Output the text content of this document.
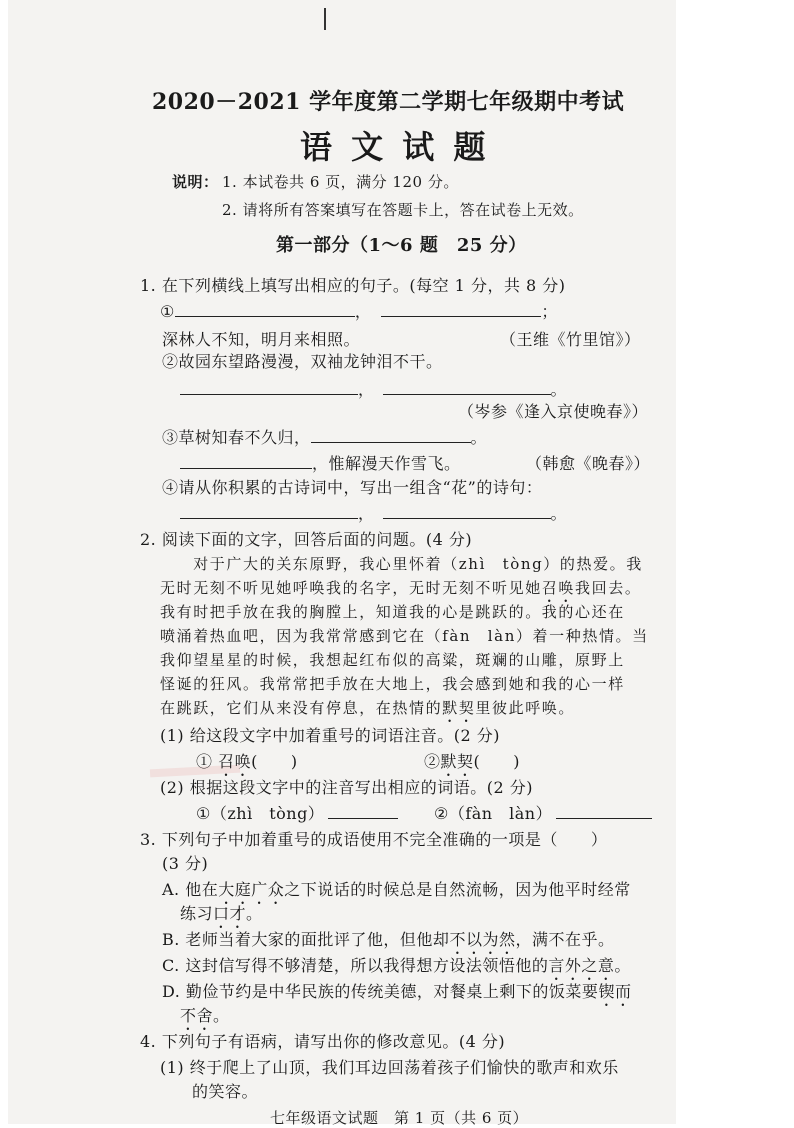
2020－2021 学年度第二学期七年级期中考试
语 文 试 题
说明： 1. 本试卷共 6 页，满分 120 分。
2. 请将所有答案填写在答题卡上，答在试卷上无效。
第一部分（1～6 题　25 分）
1. 在下列横线上填写出相应的句子。(每空 1 分，共 8 分)
①	，	；
深林人不知，明月来相照。	（王维《竹里馆》）
②故园东望路漫漫，双袖龙钟泪不干。
，	。
（岑参《逢入京使晚春》）
③草树知春不久归，	。
，惟解漫天作雪飞。	（韩愈《晚春》）
④请从你积累的古诗词中，写出一组含“花”的诗句：
，	。
2. 阅读下面的文字，回答后面的问题。(4 分)
　　对于广大的关东原野，我心里怀着（zhì　tòng）的热爱。我
无时无刻不听见她呼唤我的名字，无时无刻不听见她召唤我回去。
我有时把手放在我的胸膛上，知道我的心是跳跃的。我的心还在
喷涌着热血吧，因为我常常感到它在（fàn　làn）着一种热情。当
我仰望星星的时候，我想起红布似的高粱，斑斓的山雕，原野上
怪诞的狂风。我常常把手放在大地上，我会感到她和我的心一样
在跳跃，它们从来没有停息，在热情的默契里彼此呼唤。
(1) 给这段文字中加着重号的词语注音。(2 分)
① 召唤(　　)	②默契(　　)
(2) 根据这段文字中的注音写出相应的词语。(2 分)
①（zhì　tòng）	②（fàn　làn）
3. 下列句子中加着重号的成语使用不完全准确的一项是（　　）
(3 分)
A. 他在大庭广众之下说话的时候总是自然流畅，因为他平时经常
练习口才。
B. 老师当着大家的面批评了他，但他却不以为然，满不在乎。
C. 这封信写得不够清楚，所以我得想方设法领悟他的言外之意。
D. 勤俭节约是中华民族的传统美德，对餐桌上剩下的饭菜要锲而
不舍。
4. 下列句子有语病，请写出你的修改意见。(4 分)
(1) 终于爬上了山顶，我们耳边回荡着孩子们愉快的歌声和欢乐
的笑容。
七年级语文试题　第 1 页（共 6 页）
